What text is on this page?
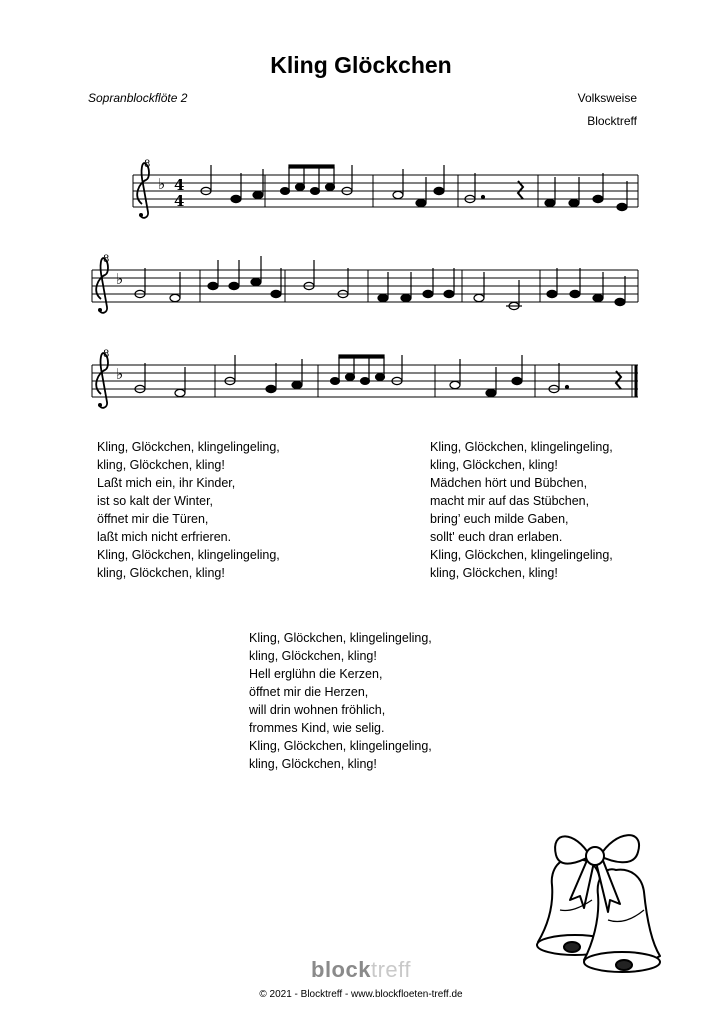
Kling Glöckchen
Sopranblockflöte 2	Volksweise
Blocktreff
8
8
8
♭
♭
♭
4
4
Kling, Glöckchen, klingelingeling,
kling, Glöckchen, kling!
Laßt mich ein, ihr Kinder,
ist so kalt der Winter,
öffnet mir die Türen,
laßt mich nicht erfrieren.
Kling, Glöckchen, klingelingeling,
kling, Glöckchen, kling!
Kling, Glöckchen, klingelingeling,
kling, Glöckchen, kling!
Mädchen hört und Bübchen,
macht mir auf das Stübchen,
bring’ euch milde Gaben,
sollt' euch dran erlaben.
Kling, Glöckchen, klingelingeling,
kling, Glöckchen, kling!
Kling, Glöckchen, klingelingeling,
kling, Glöckchen, kling!
Hell erglühn die Kerzen,
öffnet mir die Herzen,
will drin wohnen fröhlich,
frommes Kind, wie selig.
Kling, Glöckchen, klingelingeling,
kling, Glöckchen, kling!
blocktreff
© 2021 - Blocktreff - www.blockfloeten-treff.de
